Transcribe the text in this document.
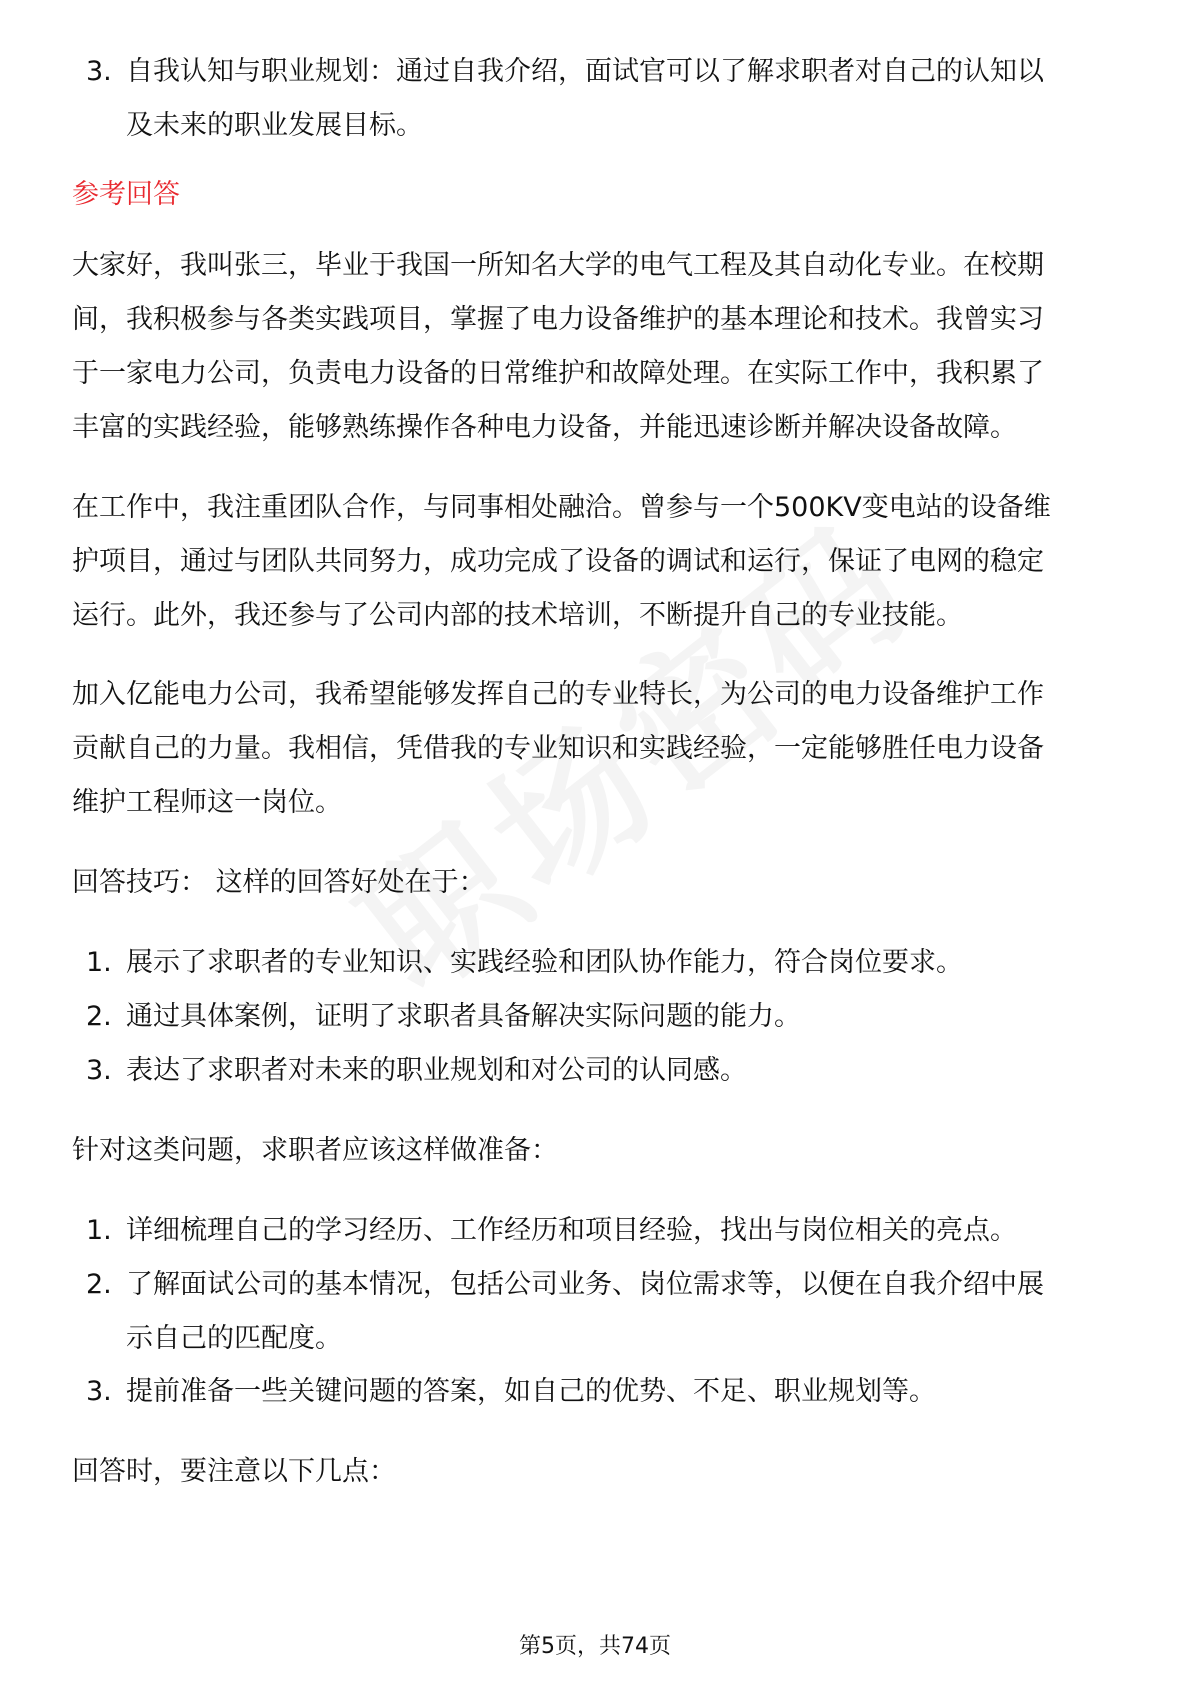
3. 自我认知与职业规划：通过自我介绍，面试官可以了解求职者对自己的认知以
及未来的职业发展目标。
参考回答
大家好，我叫张三，毕业于我国一所知名大学的电气工程及其自动化专业。在校期
间，我积极参与各类实践项目，掌握了电力设备维护的基本理论和技术。我曾实习
于一家电力公司，负责电力设备的日常维护和故障处理。在实际工作中，我积累了
丰富的实践经验，能够熟练操作各种电力设备，并能迅速诊断并解决设备故障。
在工作中，我注重团队合作，与同事相处融洽。曾参与一个500KV变电站的设备维
护项目，通过与团队共同努力，成功完成了设备的调试和运行，保证了电网的稳定
运行。此外，我还参与了公司内部的技术培训，不断提升自己的专业技能。
加入亿能电力公司，我希望能够发挥自己的专业特长，为公司的电力设备维护工作
贡献自己的力量。我相信，凭借我的专业知识和实践经验，一定能够胜任电力设备
维护工程师这一岗位。
回答技巧： 这样的回答好处在于：
1. 展示了求职者的专业知识、实践经验和团队协作能力，符合岗位要求。
2. 通过具体案例，证明了求职者具备解决实际问题的能力。
3. 表达了求职者对未来的职业规划和对公司的认同感。
针对这类问题，求职者应该这样做准备：
1. 详细梳理自己的学习经历、工作经历和项目经验，找出与岗位相关的亮点。
2. 了解面试公司的基本情况，包括公司业务、岗位需求等，以便在自我介绍中展
示自己的匹配度。
3. 提前准备一些关键问题的答案，如自己的优势、不足、职业规划等。
回答时，要注意以下几点：
第5页，共74页
